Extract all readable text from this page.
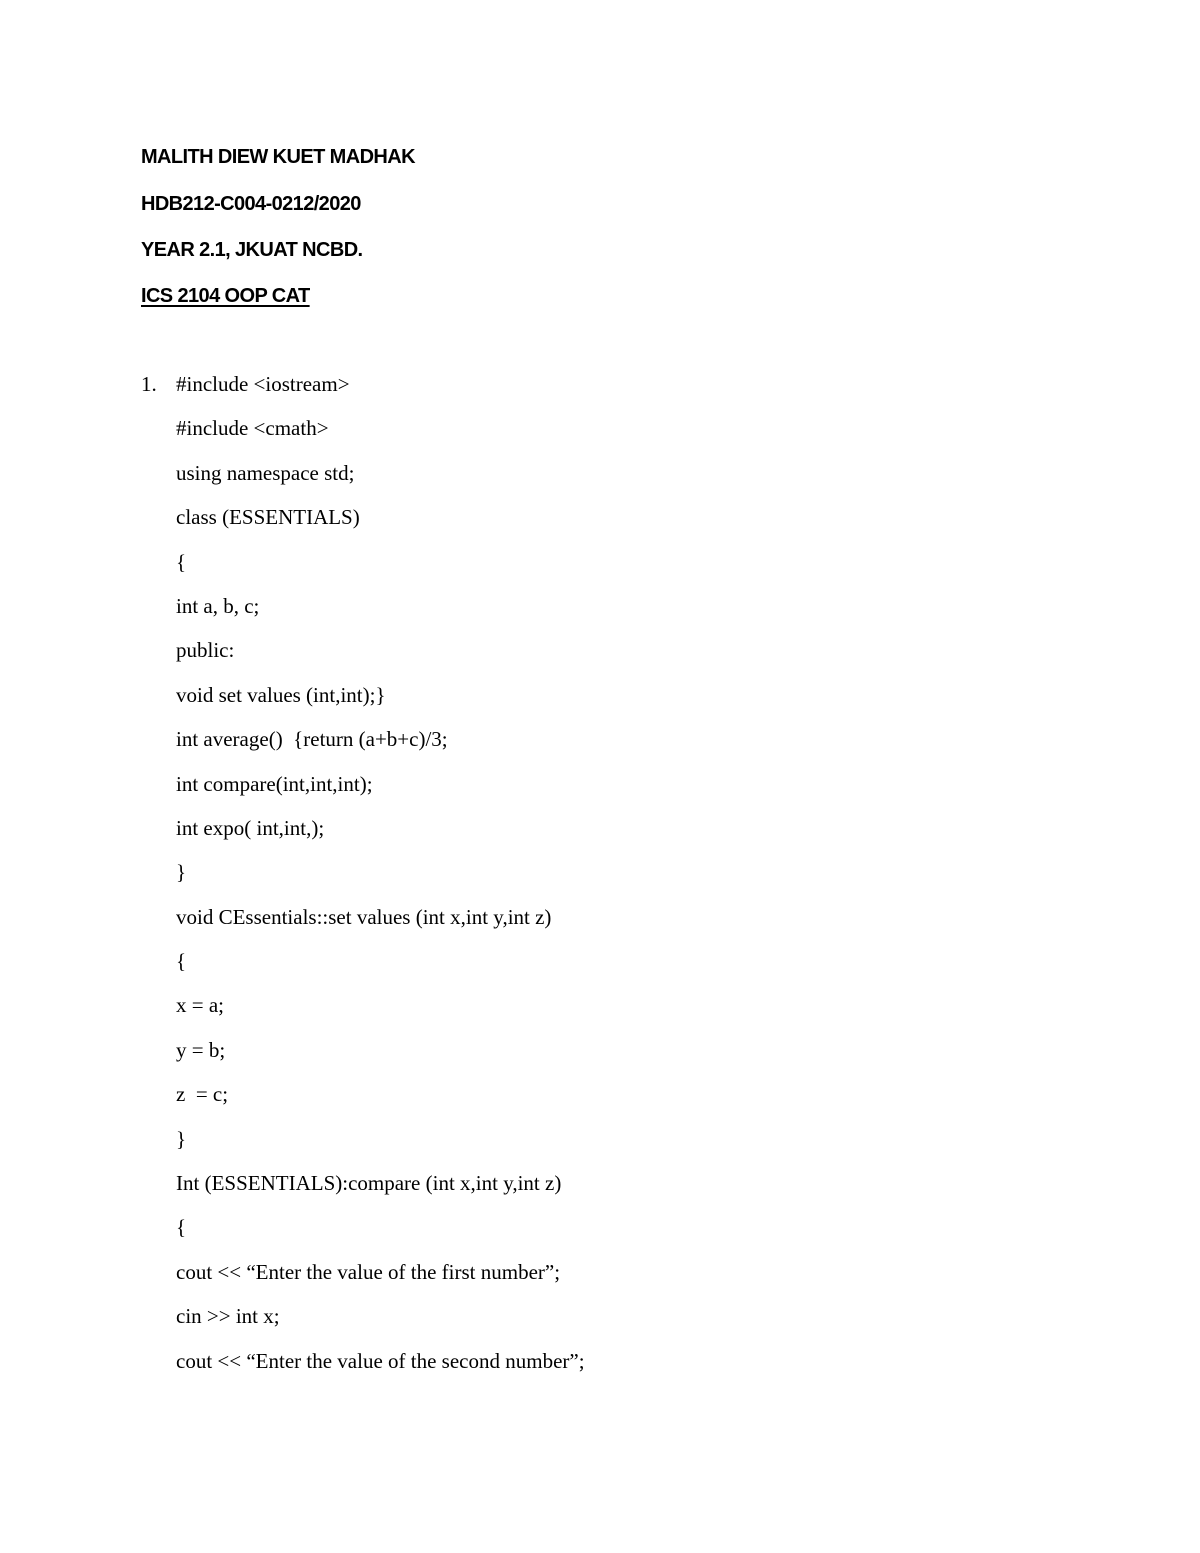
MALITH DIEW KUET MADHAK
HDB212-C004-0212/2020
YEAR 2.1, JKUAT NCBD.
ICS 2104 OOP CAT
1. #include <iostream>
#include <cmath>
using namespace std;
class (ESSENTIALS)
{
int a, b, c;
public:
void set values (int,int);}
int average()  {return (a+b+c)/3;
int compare(int,int,int);
int expo( int,int,);
}
void CEssentials::set values (int x,int y,int z)
{
x = a;
y = b;
z  = c;
}
Int (ESSENTIALS):compare (int x,int y,int z)
{
cout << “Enter the value of the first number”;
cin >> int x;
cout << “Enter the value of the second number”;
